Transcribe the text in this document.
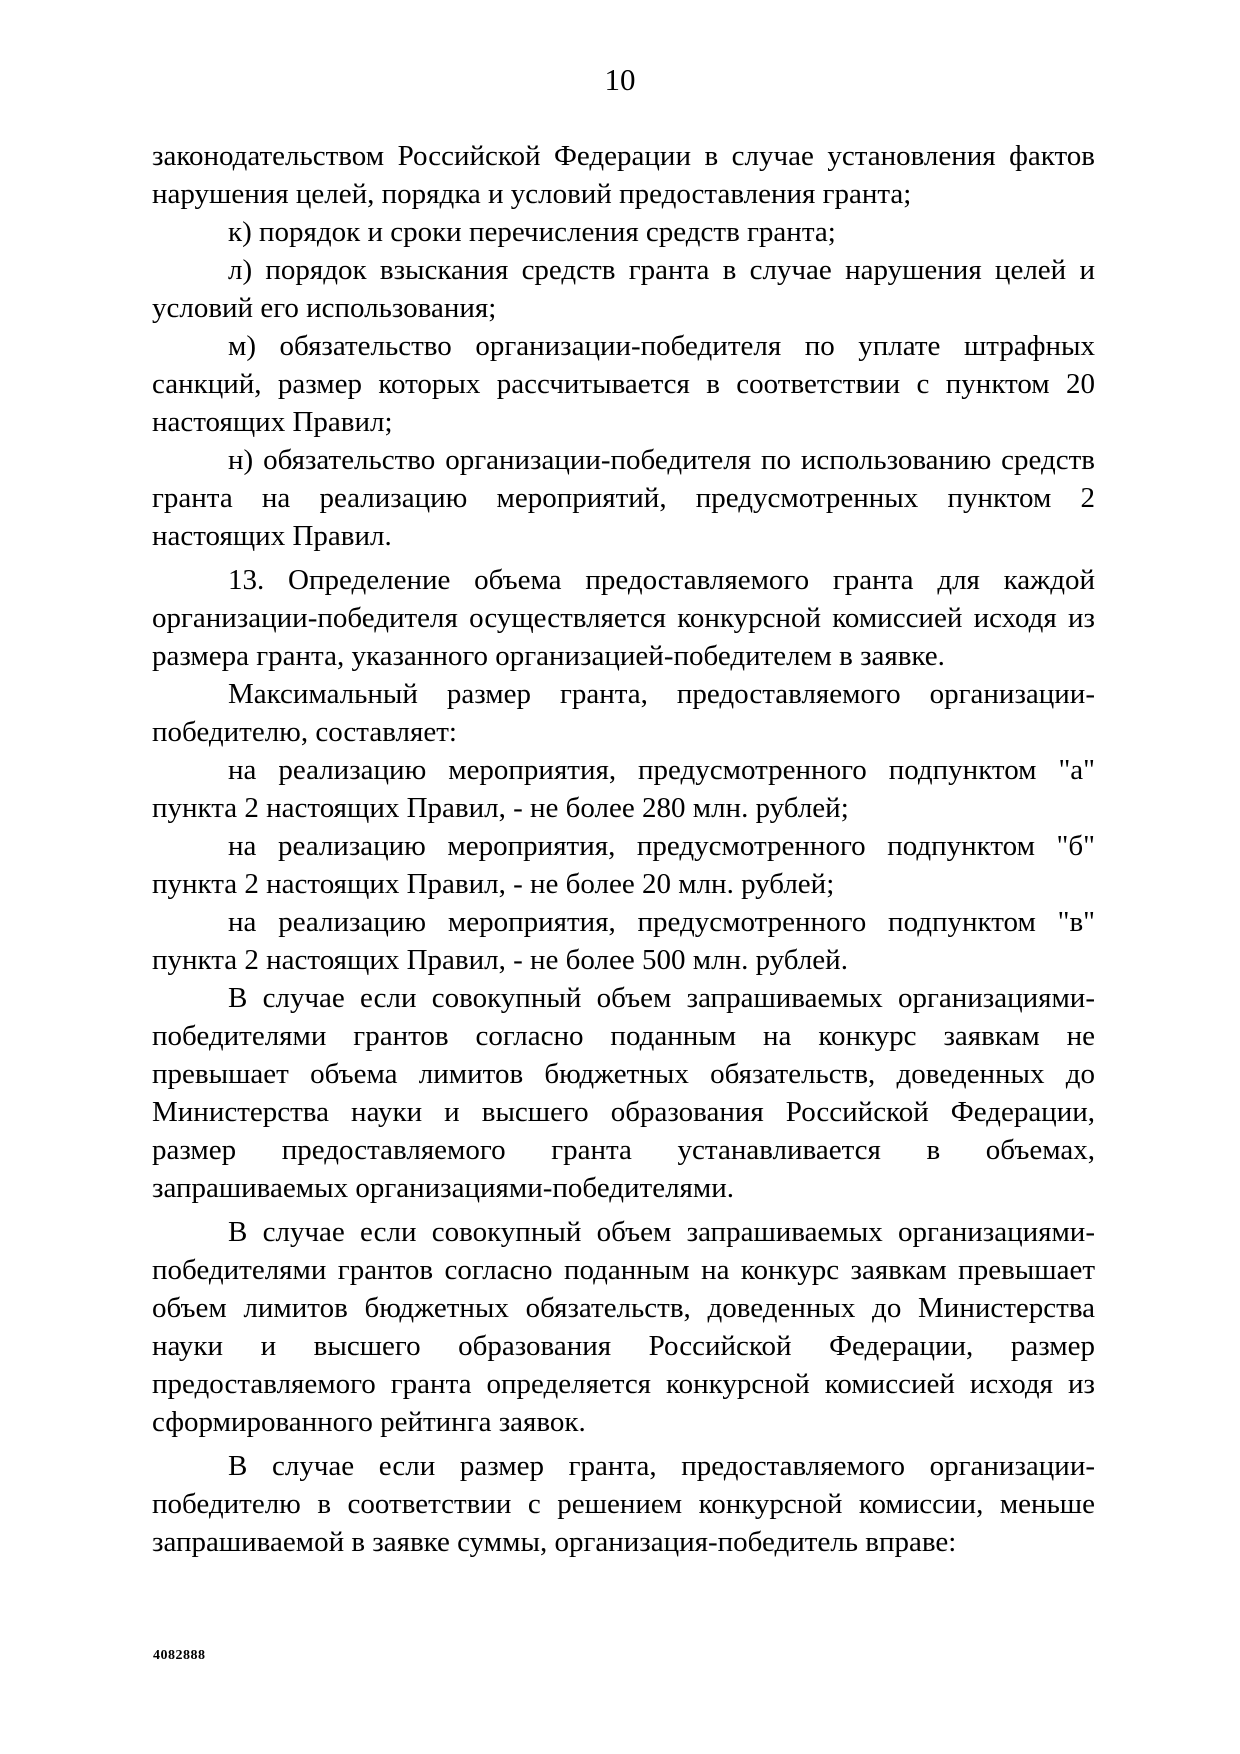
10

законодательством Российской Федерации в случае установления фактов нарушения целей, порядка и условий предоставления гранта;

к) порядок и сроки перечисления средств гранта;

л) порядок взыскания средств гранта в случае нарушения целей и условий его использования;

м) обязательство организации-победителя по уплате штрафных санкций, размер которых рассчитывается в соответствии с пунктом 20 настоящих Правил;

н) обязательство организации-победителя по использованию средств гранта на реализацию мероприятий, предусмотренных пунктом 2 настоящих Правил.

13. Определение объема предоставляемого гранта для каждой организации-победителя осуществляется конкурсной комиссией исходя из размера гранта, указанного организацией-победителем в заявке.

Максимальный размер гранта, предоставляемого организации-победителю, составляет:

на реализацию мероприятия, предусмотренного подпунктом "а" пункта 2 настоящих Правил, - не более 280 млн. рублей;

на реализацию мероприятия, предусмотренного подпунктом "б" пункта 2 настоящих Правил, - не более 20 млн. рублей;

на реализацию мероприятия, предусмотренного подпунктом "в" пункта 2 настоящих Правил, - не более 500 млн. рублей.

В случае если совокупный объем запрашиваемых организациями-победителями грантов согласно поданным на конкурс заявкам не превышает объема лимитов бюджетных обязательств, доведенных до Министерства науки и высшего образования Российской Федерации, размер предоставляемого гранта устанавливается в объемах, запрашиваемых организациями-победителями.

В случае если совокупный объем запрашиваемых организациями-победителями грантов согласно поданным на конкурс заявкам превышает объем лимитов бюджетных обязательств, доведенных до Министерства науки и высшего образования Российской Федерации, размер предоставляемого гранта определяется конкурсной комиссией исходя из сформированного рейтинга заявок.

В случае если размер гранта, предоставляемого организации-победителю в соответствии с решением конкурсной комиссии, меньше запрашиваемой в заявке суммы, организация-победитель вправе:

4082888
